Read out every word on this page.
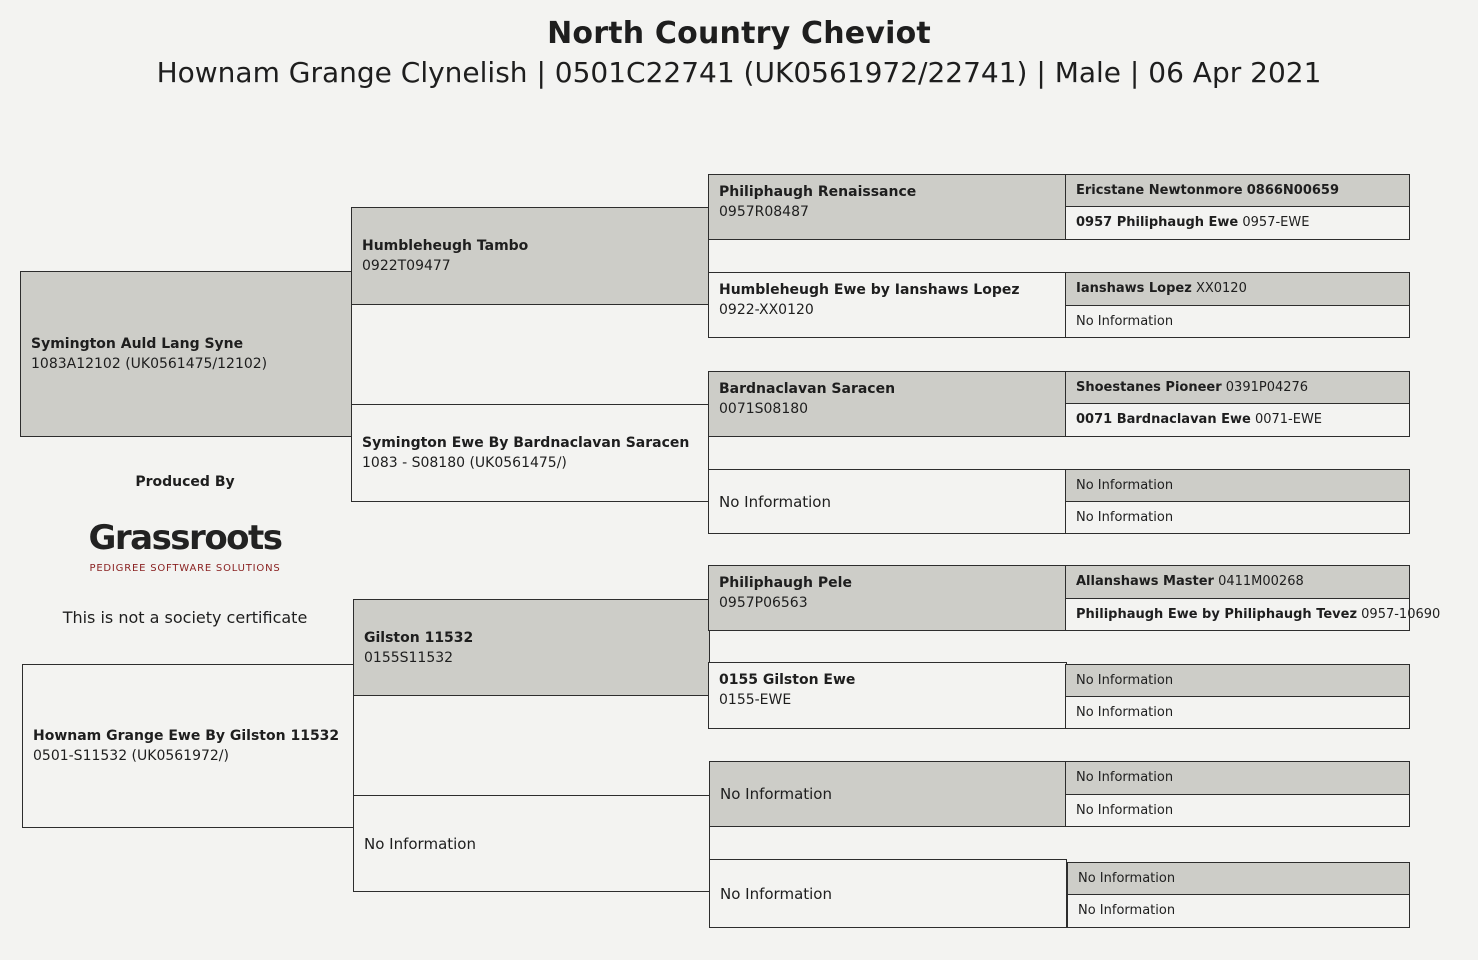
North Country Cheviot
Hownam Grange Clynelish | 0501C22741 (UK0561972/22741) | Male | 06 Apr 2021
Symington Auld Lang Syne
1083A12102 (UK0561475/12102)
Hownam Grange Ewe By Gilston 11532
0501-S11532 (UK0561972/)
Produced By
Grassroots
PEDIGREE SOFTWARE SOLUTIONS
This is not a society certificate
Humbleheugh Tambo
0922T09477
Symington Ewe By Bardnaclavan Saracen
1083 - S08180 (UK0561475/)
Gilston 11532
0155S11532
No Information
Philiphaugh Renaissance
0957R08487
Humbleheugh Ewe by Ianshaws Lopez
0922-XX0120
Bardnaclavan Saracen
0071S08180
No Information
Philiphaugh Pele
0957P06563
0155 Gilston Ewe
0155-EWE
No Information
No Information
Ericstane Newtonmore 0866N00659
0957 Philiphaugh Ewe 0957-EWE
Ianshaws Lopez XX0120
No Information
Shoestanes Pioneer 0391P04276
0071 Bardnaclavan Ewe 0071-EWE
No Information
No Information
Allanshaws Master 0411M00268
Philiphaugh Ewe by Philiphaugh Tevez 0957-10690
No Information
No Information
No Information
No Information
No Information
No Information
